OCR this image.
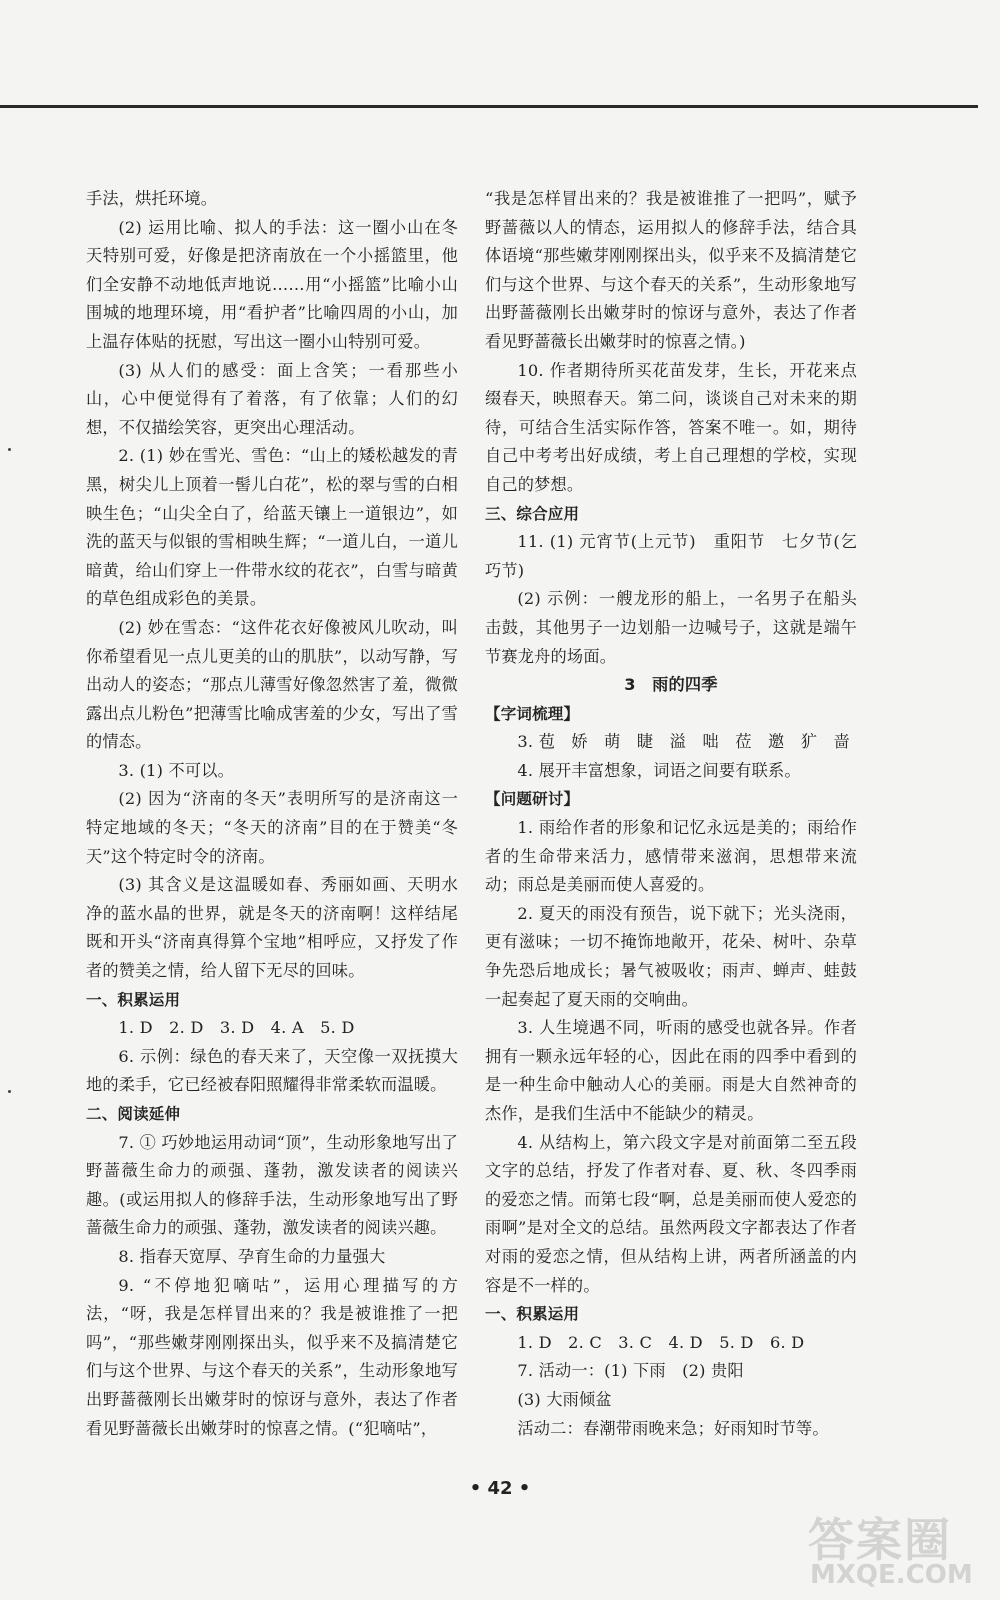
手法，烘托环境。

(2) 运用比喻、拟人的手法：这一圈小山在冬天特别可爱，好像是把济南放在一个小摇篮里，他们全安静不动地低声地说……用“小摇篮”比喻小山围城的地理环境，用“看护者”比喻四周的小山，加上温存体贴的抚慰，写出这一圈小山特别可爱。

(3) 从人们的感受：面上含笑；一看那些小山，心中便觉得有了着落，有了依靠；人们的幻想，不仅描绘笑容，更突出心理活动。

2. (1) 妙在雪光、雪色：“山上的矮松越发的青黑，树尖儿上顶着一髻儿白花”，松的翠与雪的白相映生色；“山尖全白了，给蓝天镶上一道银边”，如洗的蓝天与似银的雪相映生辉；“一道儿白，一道儿暗黄，给山们穿上一件带水纹的花衣”，白雪与暗黄的草色组成彩色的美景。

(2) 妙在雪态：“这件花衣好像被风儿吹动，叫你希望看见一点儿更美的山的肌肤”，以动写静，写出动人的姿态；“那点儿薄雪好像忽然害了羞，微微露出点儿粉色”把薄雪比喻成害羞的少女，写出了雪的情态。

3. (1) 不可以。

(2) 因为“济南的冬天”表明所写的是济南这一特定地域的冬天；“冬天的济南”目的在于赞美“冬天”这个特定时令的济南。

(3) 其含义是这温暖如春、秀丽如画、天明水净的蓝水晶的世界，就是冬天的济南啊！这样结尾既和开头“济南真得算个宝地”相呼应，又抒发了作者的赞美之情，给人留下无尽的回味。

一、积累运用

1. D　2. D　3. D　4. A　5. D

6. 示例：绿色的春天来了，天空像一双抚摸大地的柔手，它已经被春阳照耀得非常柔软而温暖。

二、阅读延伸

7. ① 巧妙地运用动词“顶”，生动形象地写出了野蔷薇生命力的顽强、蓬勃，激发读者的阅读兴趣。(或运用拟人的修辞手法，生动形象地写出了野蔷薇生命力的顽强、蓬勃，激发读者的阅读兴趣。

8. 指春天宽厚、孕育生命的力量强大

9. “不停地犯嘀咕”，运用心理描写的方法，“呀，我是怎样冒出来的？我是被谁推了一把吗”，“那些嫩芽刚刚探出头，似乎来不及搞清楚它们与这个世界、与这个春天的关系”，生动形象地写出野蔷薇刚长出嫩芽时的惊讶与意外，表达了作者看见野蔷薇长出嫩芽时的惊喜之情。(“犯嘀咕”，

“我是怎样冒出来的？我是被谁推了一把吗”，赋予野蔷薇以人的情态，运用拟人的修辞手法，结合具体语境“那些嫩芽刚刚探出头，似乎来不及搞清楚它们与这个世界、与这个春天的关系”，生动形象地写出野蔷薇刚长出嫩芽时的惊讶与意外，表达了作者看见野蔷薇长出嫩芽时的惊喜之情。)

10. 作者期待所买花苗发芽，生长，开花来点缀春天，映照春天。第二问，谈谈自己对未来的期待，可结合生活实际作答，答案不唯一。如，期待自己中考考出好成绩，考上自己理想的学校，实现自己的梦想。

三、综合应用

11. (1) 元宵节(上元节)　重阳节　七夕节(乞巧节)

(2) 示例：一艘龙形的船上，一名男子在船头击鼓，其他男子一边划船一边喊号子，这就是端午节赛龙舟的场面。

3　雨的四季

【字词梳理】

3. 苞　娇　萌　睫　溢　咄　莅　邀　犷　啬

4. 展开丰富想象，词语之间要有联系。

【问题研讨】

1. 雨给作者的形象和记忆永远是美的；雨给作者的生命带来活力，感情带来滋润，思想带来流动；雨总是美丽而使人喜爱的。

2. 夏天的雨没有预告，说下就下；光头浇雨，更有滋味；一切不掩饰地敞开，花朵、树叶、杂草争先恐后地成长；暑气被吸收；雨声、蝉声、蛙鼓一起奏起了夏天雨的交响曲。

3. 人生境遇不同，听雨的感受也就各异。作者拥有一颗永远年轻的心，因此在雨的四季中看到的是一种生命中触动人心的美丽。雨是大自然神奇的杰作，是我们生活中不能缺少的精灵。

4. 从结构上，第六段文字是对前面第二至五段文字的总结，抒发了作者对春、夏、秋、冬四季雨的爱恋之情。而第七段“啊，总是美丽而使人爱恋的雨啊”是对全文的总结。虽然两段文字都表达了作者对雨的爱恋之情，但从结构上讲，两者所涵盖的内容是不一样的。

一、积累运用

1. D　2. C　3. C　4. D　5. D　6. D

7. 活动一：(1) 下雨　(2) 贵阳

(3) 大雨倾盆

活动二：春潮带雨晚来急；好雨知时节等。

• 42 •
答案圈
MXQE.COM
